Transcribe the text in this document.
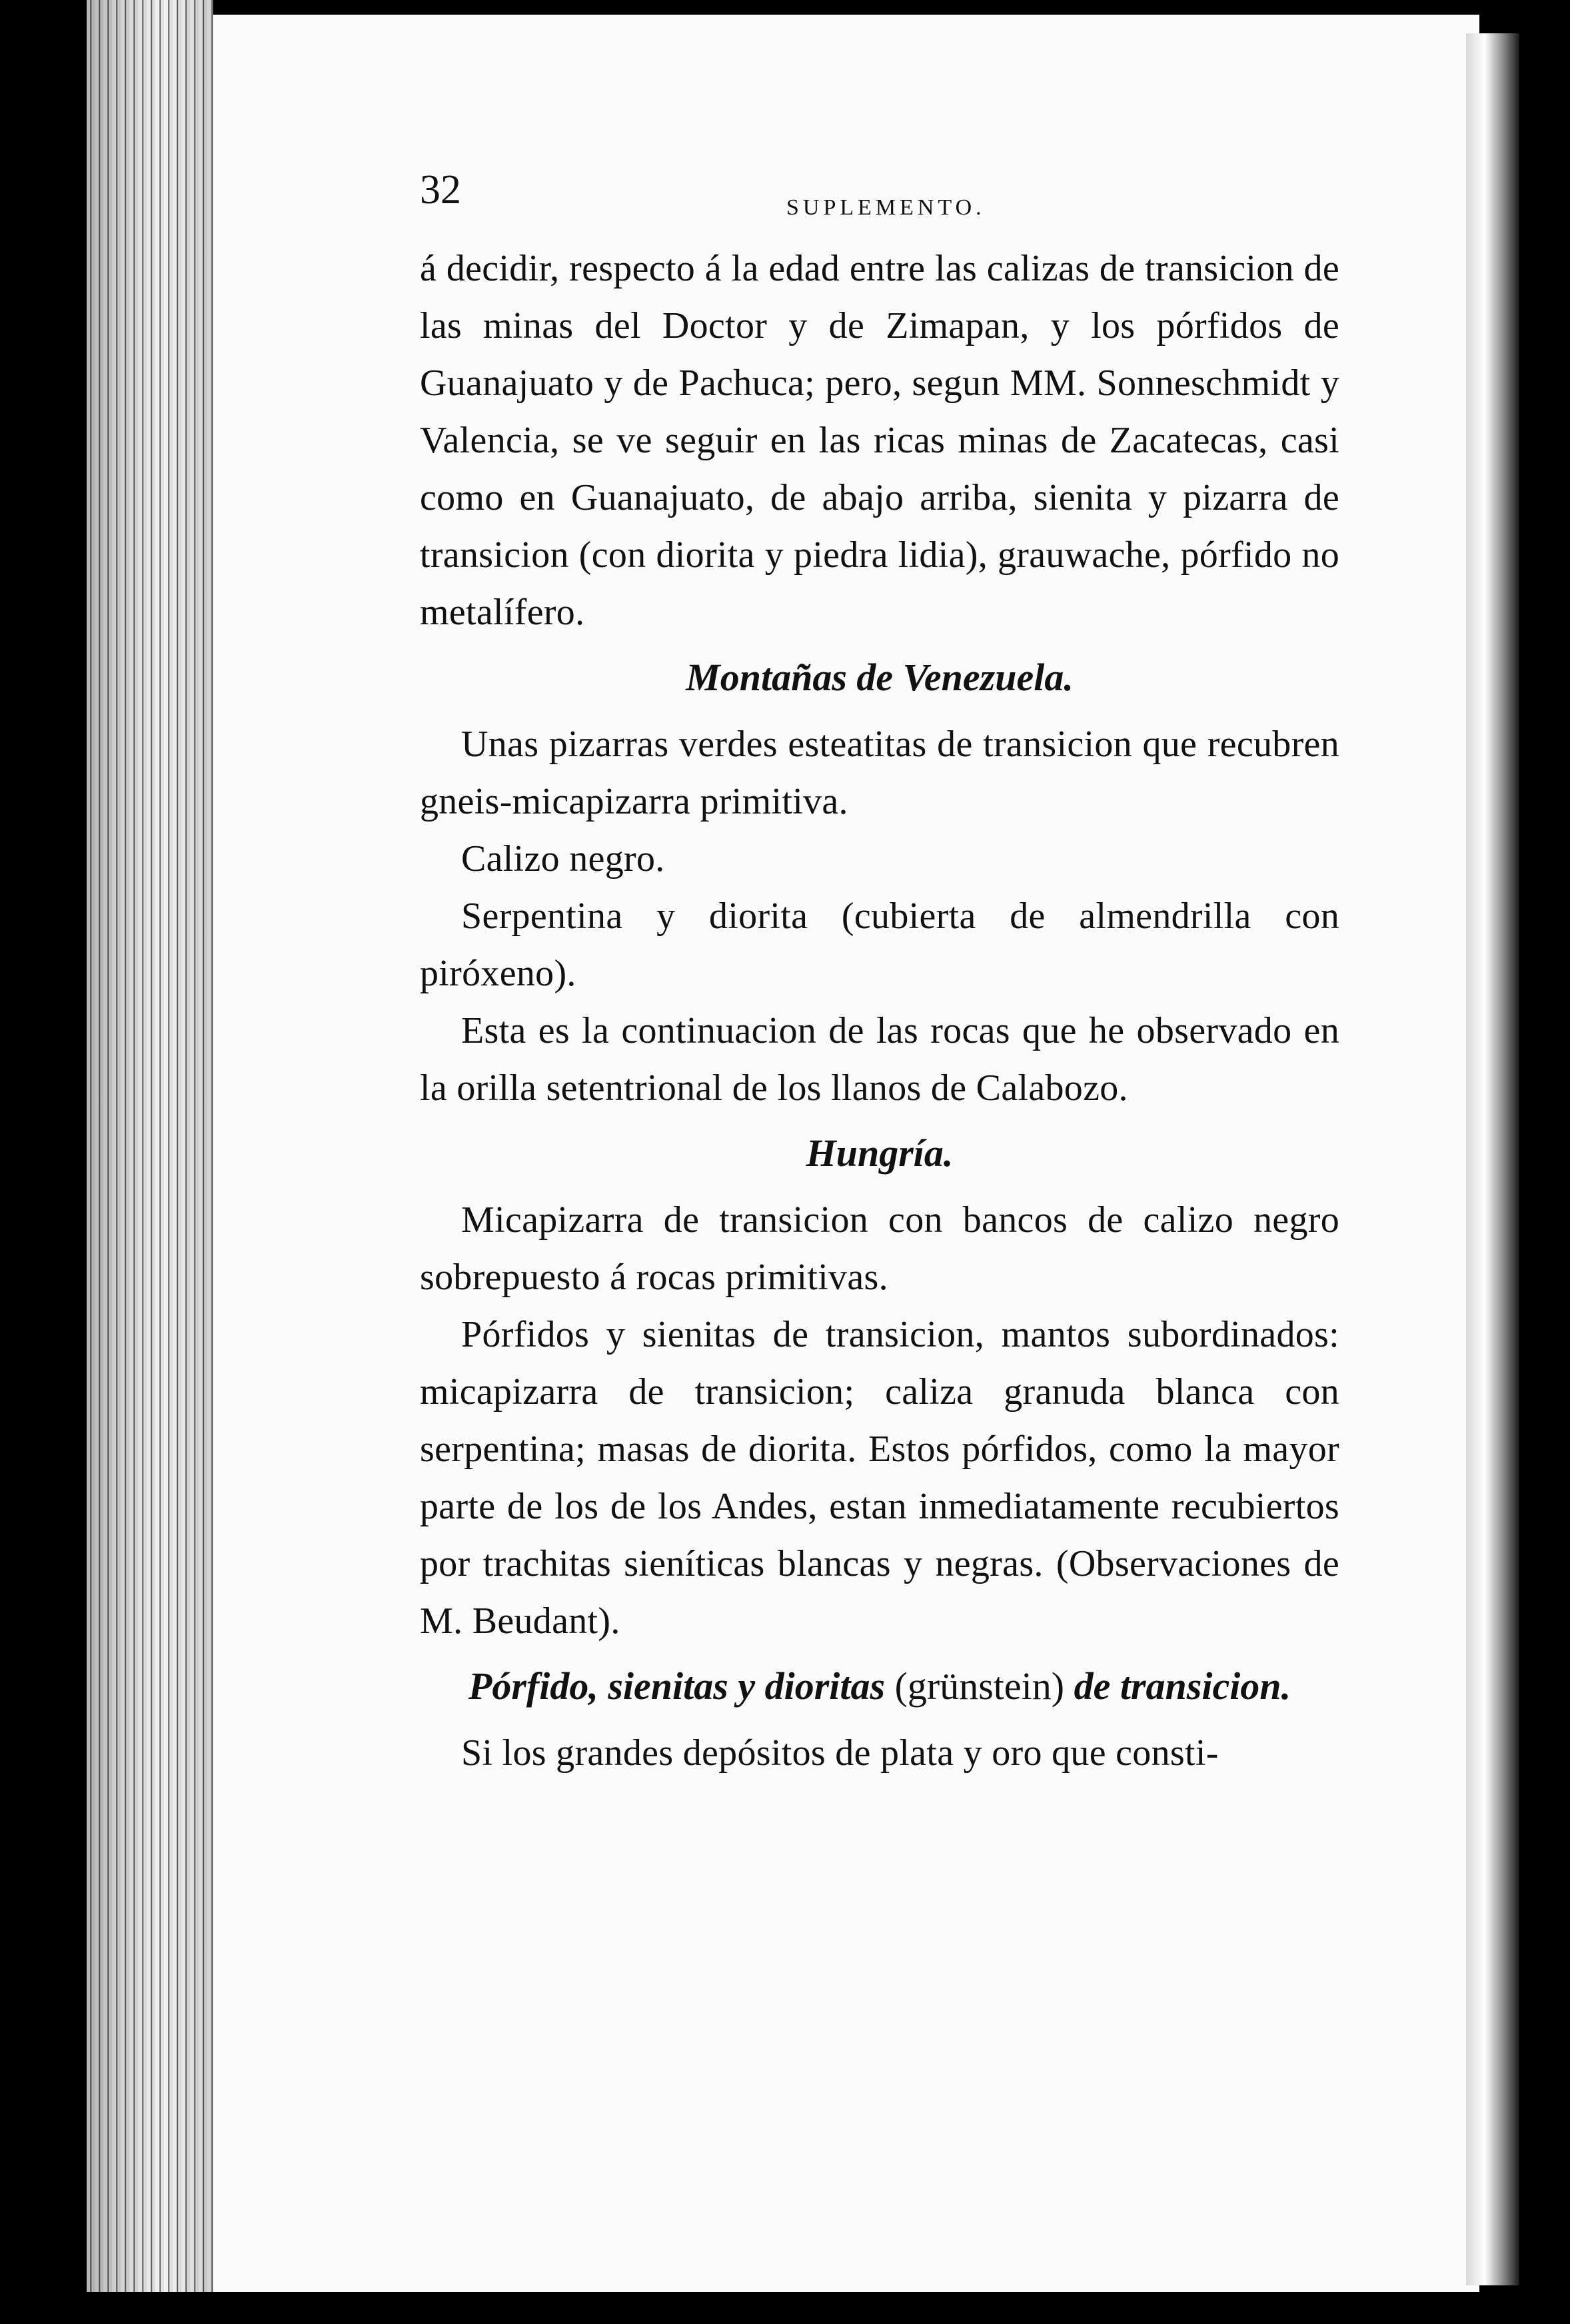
32	SUPLEMENTO.

á decidir, respecto á la edad entre las calizas de transicion de las minas del Doctor y de Zimapan, y los pórfidos de Guanajuato y de Pachuca; pero, segun MM. Sonneschmidt y Valencia, se ve seguir en las ricas minas de Zacatecas, casi como en Guanajuato, de abajo arriba, sienita y pizarra de transicion (con diorita y piedra lidia), grauwache, pórfido no metalífero.

Montañas de Venezuela.

Unas pizarras verdes esteatitas de transicion que recubren gneis-micapizarra primitiva.

Calizo negro.

Serpentina y diorita (cubierta de almendrilla con piróxeno).

Esta es la continuacion de las rocas que he observado en la orilla setentrional de los llanos de Calabozo.

Hungría.

Micapizarra de transicion con bancos de calizo negro sobrepuesto á rocas primitivas.

Pórfidos y sienitas de transicion, mantos subordinados: micapizarra de transicion; caliza granuda blanca con serpentina; masas de diorita. Estos pórfidos, como la mayor parte de los de los Andes, estan inmediatamente recubiertos por trachitas sieníticas blancas y negras. (Observaciones de M. Beudant).

Pórfido, sienitas y dioritas (grünstein) de transicion.

Si los grandes depósitos de plata y oro que consti-
